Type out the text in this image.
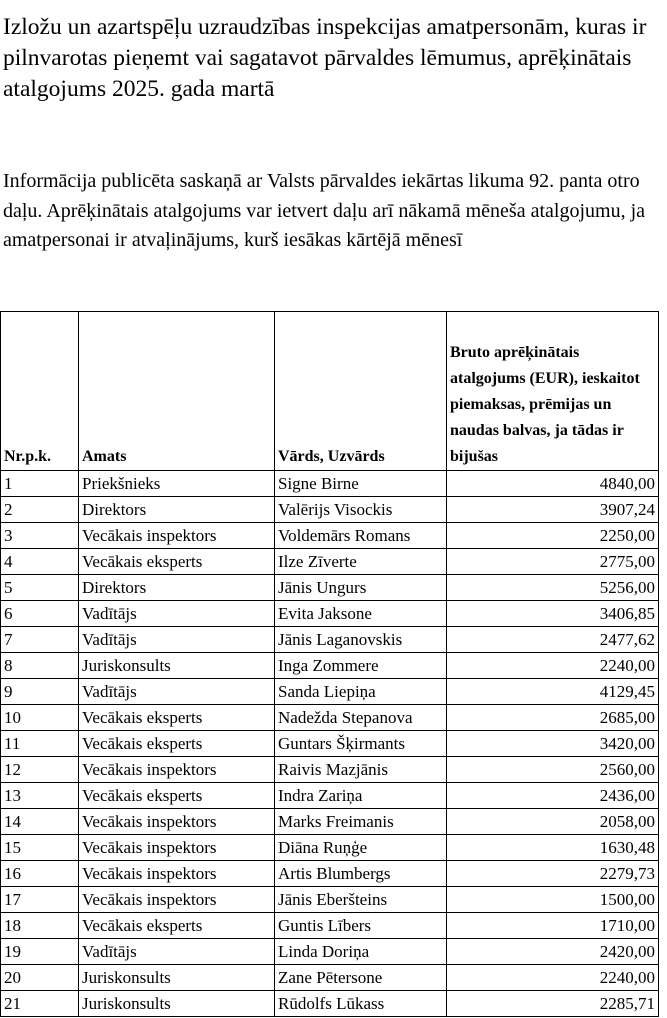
Izložu un azartspēļu uzraudzības inspekcijas amatpersonām, kuras ir pilnvarotas pieņemt vai sagatavot pārvaldes lēmumus, aprēķinātais atalgojums 2025. gada martā

Informācija publicēta saskaņā ar Valsts pārvaldes iekārtas likuma 92. panta otro daļu. Aprēķinātais atalgojums var ietvert daļu arī nākamā mēneša atalgojumu, ja amatpersonai ir atvaļinājums, kurš iesākas kārtējā mēnesī

Nr.p.k.	Amats	Vārds, Uzvārds	Bruto aprēķinātais atalgojums (EUR), ieskaitot piemaksas, prēmijas un naudas balvas, ja tādas ir bijušas
1	Priekšnieks	Signe Birne	4840,00
2	Direktors	Valērijs Visockis	3907,24
3	Vecākais inspektors	Voldemārs Romans	2250,00
4	Vecākais eksperts	Ilze Zīverte	2775,00
5	Direktors	Jānis Ungurs	5256,00
6	Vadītājs	Evita Jaksone	3406,85
7	Vadītājs	Jānis Laganovskis	2477,62
8	Juriskonsults	Inga Zommere	2240,00
9	Vadītājs	Sanda Liepiņa	4129,45
10	Vecākais eksperts	Nadežda Stepanova	2685,00
11	Vecākais eksperts	Guntars Šķirmants	3420,00
12	Vecākais inspektors	Raivis Mazjānis	2560,00
13	Vecākais eksperts	Indra Zariņa	2436,00
14	Vecākais inspektors	Marks Freimanis	2058,00
15	Vecākais inspektors	Diāna Ruņģe	1630,48
16	Vecākais inspektors	Artis Blumbergs	2279,73
17	Vecākais inspektors	Jānis Eberšteins	1500,00
18	Vecākais eksperts	Guntis Lībers	1710,00
19	Vadītājs	Linda Doriņa	2420,00
20	Juriskonsults	Zane Pētersone	2240,00
21	Juriskonsults	Rūdolfs Lūkass	2285,71
